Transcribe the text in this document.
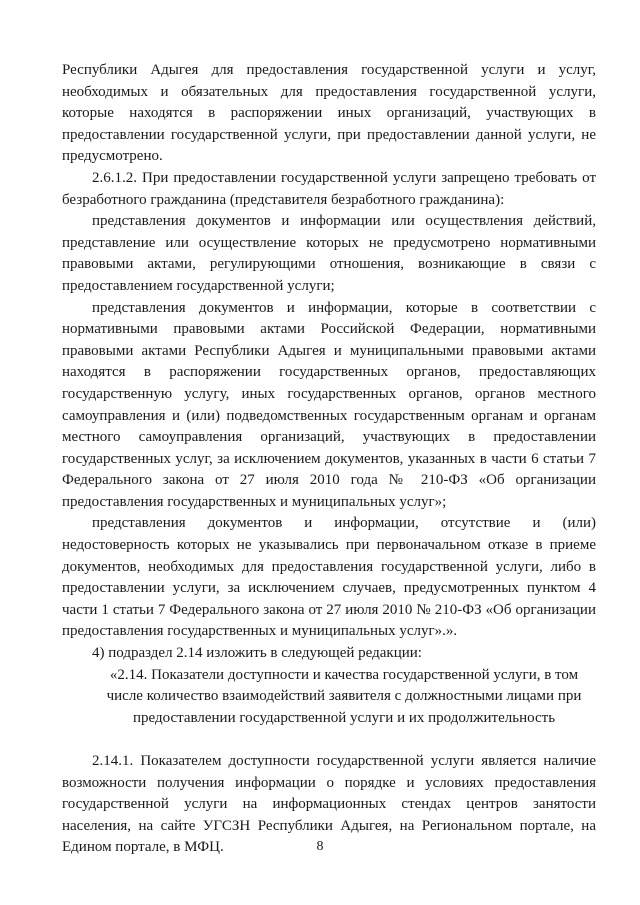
Республики Адыгея для предоставления государственной услуги и услуг, необходимых и обязательных для предоставления государственной услуги, которые находятся в распоряжении иных организаций, участвующих в предоставлении государственной услуги, при предоставлении данной услуги, не предусмотрено.

2.6.1.2. При предоставлении государственной услуги запрещено требовать от безработного гражданина (представителя безработного гражданина):

представления документов и информации или осуществления действий, представление или осуществление которых не предусмотрено нормативными правовыми актами, регулирующими отношения, возникающие в связи с предоставлением государственной услуги;

представления документов и информации, которые в соответствии с нормативными правовыми актами Российской Федерации, нормативными правовыми актами Республики Адыгея и муниципальными правовыми актами находятся в распоряжении государственных органов, предоставляющих государственную услугу, иных государственных органов, органов местного самоуправления и (или) подведомственных государственным органам и органам местного самоуправления организаций, участвующих в предоставлении государственных услуг, за исключением документов, указанных в части 6 статьи 7 Федерального закона от 27 июля 2010 года № 210-ФЗ «Об организации предоставления государственных и муниципальных услуг»;

представления документов и информации, отсутствие и (или) недостоверность которых не указывались при первоначальном отказе в приеме документов, необходимых для предоставления государственной услуги, либо в предоставлении услуги, за исключением случаев, предусмотренных пунктом 4 части 1 статьи 7 Федерального закона от 27 июля 2010 № 210-ФЗ «Об организации предоставления государственных и муниципальных услуг».».

4) подраздел 2.14 изложить в следующей редакции:

«2.14. Показатели доступности и качества государственной услуги, в том числе количество взаимодействий заявителя с должностными лицами при предоставлении государственной услуги и их продолжительность

2.14.1. Показателем доступности государственной услуги является наличие возможности получения информации о порядке и условиях предоставления государственной услуги на информационных стендах центров занятости населения, на сайте УГСЗН Республики Адыгея, на Региональном портале, на Едином портале, в МФЦ.	8
